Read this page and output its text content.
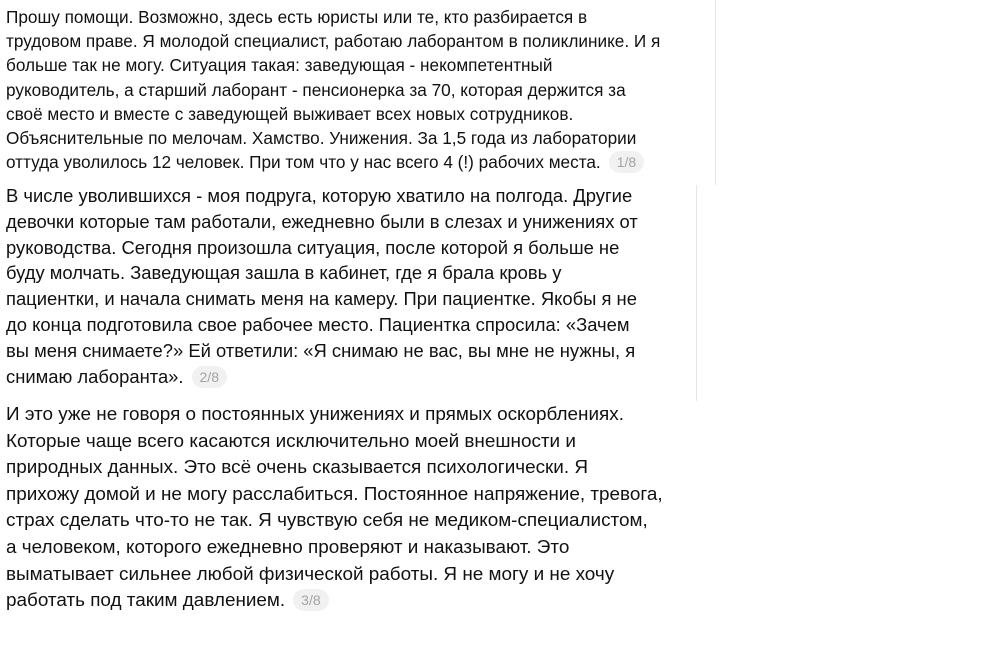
Прошу помощи. Возможно, здесь есть юристы или те, кто разбирается в
трудовом праве. Я молодой специалист, работаю лаборантом в поликлинике. И я
больше так не могу. Ситуация такая: заведующая - некомпетентный
руководитель, а старший лаборант - пенсионерка за 70, которая держится за
своё место и вместе с заведующей выживает всех новых сотрудников.
Объяснительные по мелочам. Хамство. Унижения. За 1,5 года из лаборатории
оттуда уволилось 12 человек. При том что у нас всего 4 (!) рабочих места. 1/8

В числе уволившихся - моя подруга, которую хватило на полгода. Другие
девочки которые там работали, ежедневно были в слезах и унижениях от
руководства. Сегодня произошла ситуация, после которой я больше не
буду молчать. Заведующая зашла в кабинет, где я брала кровь у
пациентки, и начала снимать меня на камеру. При пациентке. Якобы я не
до конца подготовила свое рабочее место. Пациентка спросила: «Зачем
вы меня снимаете?» Ей ответили: «Я снимаю не вас, вы мне не нужны, я
снимаю лаборанта». 2/8

И это уже не говоря о постоянных унижениях и прямых оскорблениях.
Которые чаще всего касаются исключительно моей внешности и
природных данных. Это всё очень сказывается психологически. Я
прихожу домой и не могу расслабиться. Постоянное напряжение, тревога,
страх сделать что-то не так. Я чувствую себя не медиком-специалистом,
а человеком, которого ежедневно проверяют и наказывают. Это
выматывает сильнее любой физической работы. Я не могу и не хочу
работать под таким давлением. 3/8
